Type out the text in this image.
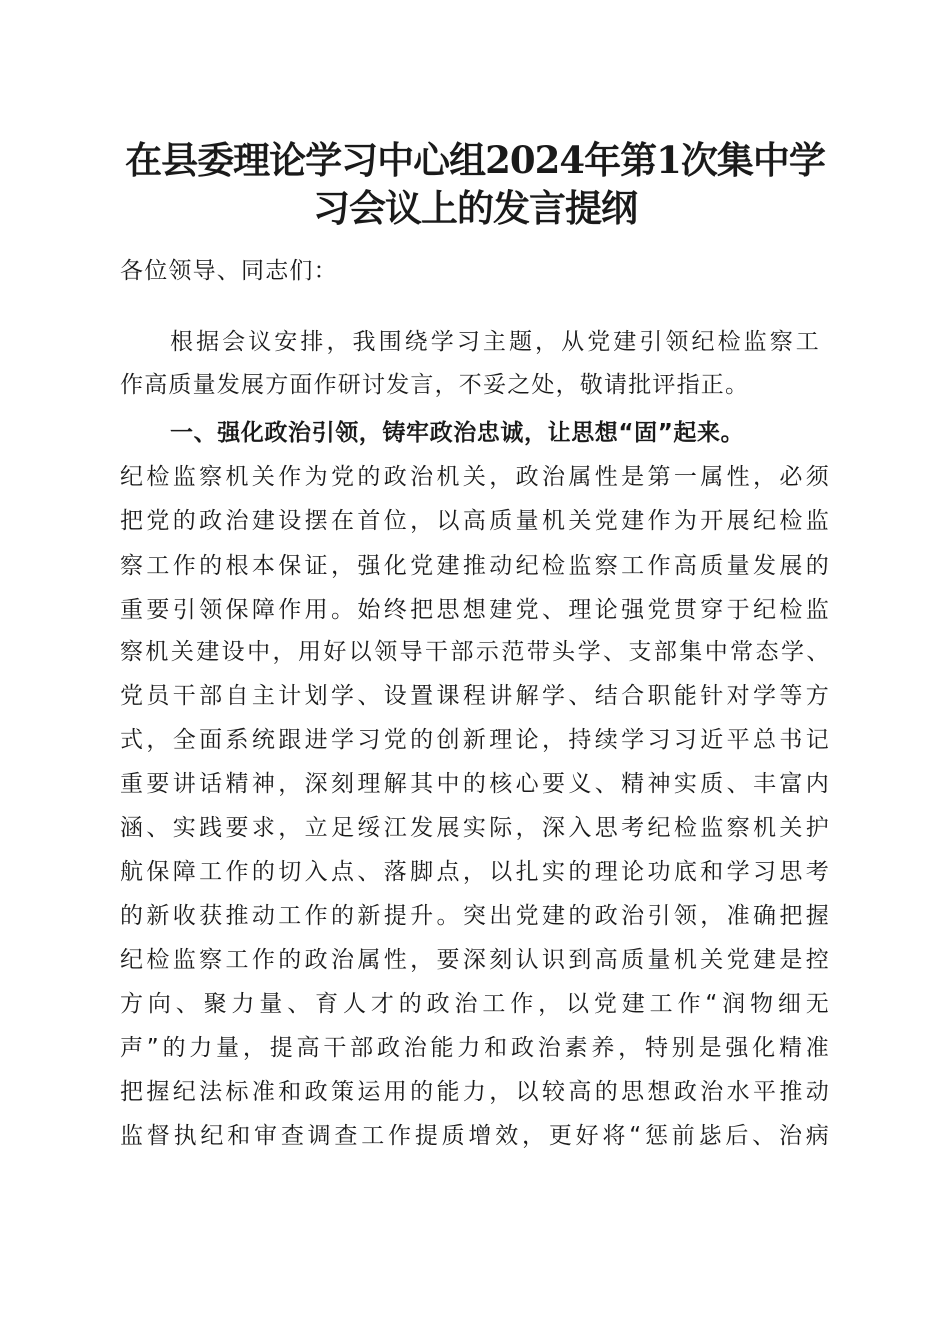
在县委理论学习中心组2024年第1次集中学
习会议上的发言提纲

各位领导、同志们：

根据会议安排，我围绕学习主题，从党建引领纪检监察工

作高质量发展方面作研讨发言，不妥之处，敬请批评指正。

一、强化政治引领，铸牢政治忠诚，让思想“固”起来。

纪检监察机关作为党的政治机关，政治属性是第一属性，必须

把党的政治建设摆在首位，以高质量机关党建作为开展纪检监

察工作的根本保证，强化党建推动纪检监察工作高质量发展的

重要引领保障作用。始终把思想建党、理论强党贯穿于纪检监

察机关建设中，用好以领导干部示范带头学、支部集中常态学、

党员干部自主计划学、设置课程讲解学、结合职能针对学等方

式，全面系统跟进学习党的创新理论，持续学习习近平总书记

重要讲话精神，深刻理解其中的核心要义、精神实质、丰富内

涵、实践要求，立足绥江发展实际，深入思考纪检监察机关护

航保障工作的切入点、落脚点，以扎实的理论功底和学习思考

的新收获推动工作的新提升。突出党建的政治引领，准确把握

纪检监察工作的政治属性，要深刻认识到高质量机关党建是控

方向、聚力量、育人才的政治工作，以党建工作“润物细无

声”的力量，提高干部政治能力和政治素养，特别是强化精准

把握纪法标准和政策运用的能力，以较高的思想政治水平推动

监督执纪和审查调查工作提质增效，更好将“惩前毖后、治病
